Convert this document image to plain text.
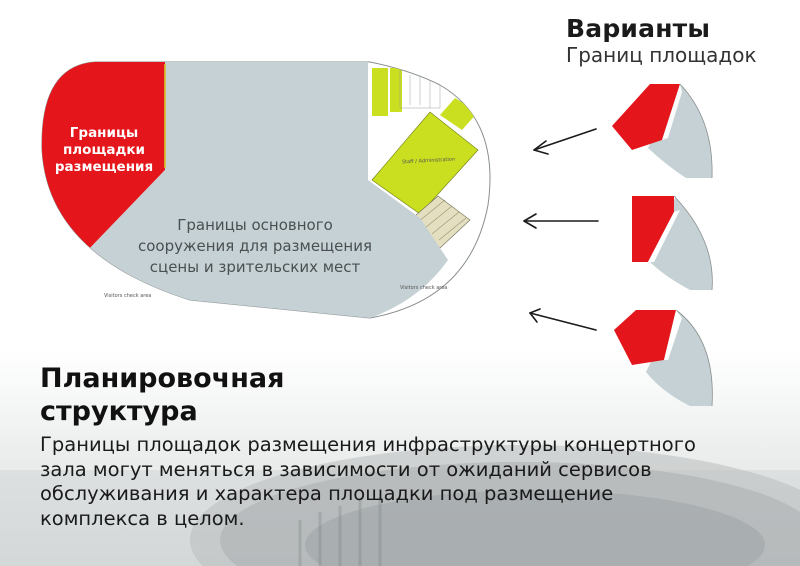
Границы
площадки
размещения
Границы основного
сооружения для размещения
сцены и зрительских мест
Staff / Administration
Visitors check area
Visitors check area
Варианты
Границ площадок
Планировочная
структура
Границы площадок размещения инфраструктуры концертного
зала могут меняться в зависимости от ожиданий сервисов
обслуживания и характера площадки под размещение
комплекса в целом.
